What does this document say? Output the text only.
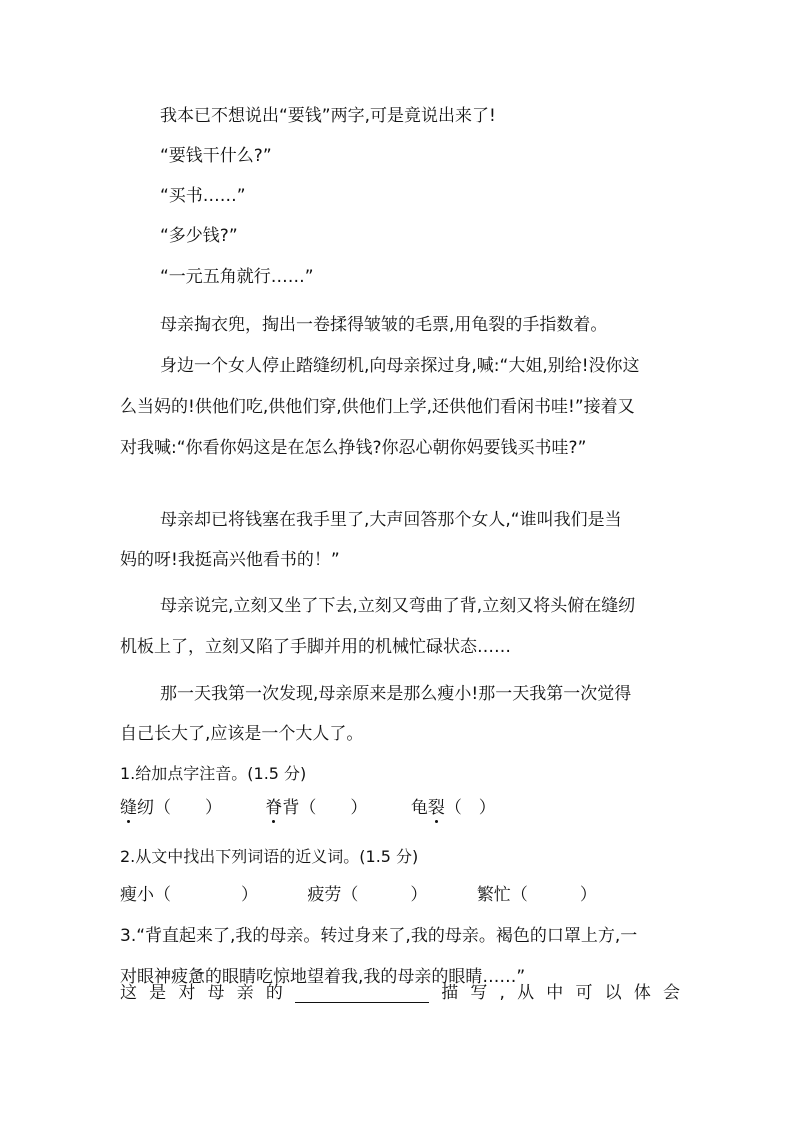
我本已不想说出“要钱”两字,可是竟说出来了!
“要钱干什么?”
“买书……”
“多少钱?”
“一元五角就行……”
母亲掏衣兜，掏出一卷揉得皱皱的毛票,用龟裂的手指数着。
身边一个女人停止踏缝纫机,向母亲探过身,喊:“大姐,别给!没你这
么当妈的!供他们吃,供他们穿,供他们上学,还供他们看闲书哇!”接着又
对我喊:“你看你妈这是在怎么挣钱?你忍心朝你妈要钱买书哇?”
母亲却已将钱塞在我手里了,大声回答那个女人,“谁叫我们是当
妈的呀!我挺高兴他看书的！”
母亲说完,立刻又坐了下去,立刻又弯曲了背,立刻又将头俯在缝纫
机板上了，立刻又陷了手脚并用的机械忙碌状态……
那一天我第一次发现,母亲原来是那么瘦小!那一天我第一次觉得
自己长大了,应该是一个大人了。
1.给加点字注音。(1.5 分)
缝纫（　　）	脊背（　　）	龟裂（　）
2.从文中找出下列词语的近义词。(1.5 分)
瘦小（	）	疲劳（	）	繁忙（	）
3.“背直起来了,我的母亲。转过身来了,我的母亲。褐色的口罩上方,一
对眼神疲惫的眼睛吃惊地望着我,我的母亲的眼睛……”
这 是 对 母 亲 的	描 写 , 从 中 可 以 体 会
